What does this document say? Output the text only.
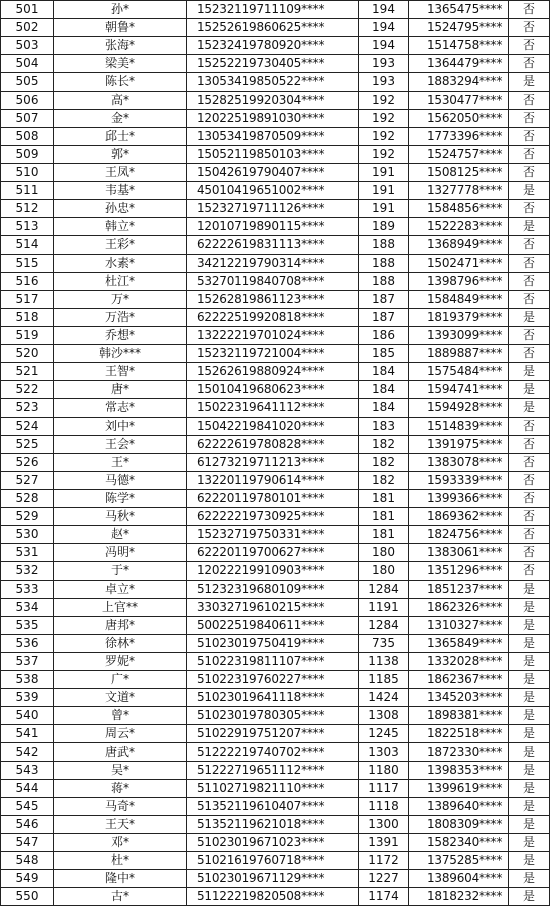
501	孙*	15232119711109****	194	1365475****	否
502	朝鲁*	15252619860625****	194	1524795****	否
503	张海*	15232419780920****	194	1514758****	否
504	梁美*	15252219730405****	193	1364479****	否
505	陈长*	13053419850522****	193	1883294****	是
506	高*	15282519920304****	192	1530477****	否
507	金*	12022519891030****	192	1562050****	否
508	邱士*	13053419870509****	192	1773396****	否
509	郭*	15052119850103****	192	1524757****	否
510	王凤*	15042619790407****	191	1508125****	否
511	韦基*	45010419651002****	191	1327778****	是
512	孙忠*	15232719711126****	191	1584856****	否
513	韩立*	12010719890115****	189	1522283****	是
514	王彩*	62222619831113****	188	1368949****	否
515	水素*	34212219790314****	188	1502471****	否
516	杜江*	53270119840708****	188	1398796****	否
517	万*	15262819861123****	187	1584849****	否
518	万浩*	62222519920818****	187	1819379****	是
519	乔想*	13222219701024****	186	1393099****	否
520	韩沙***	15232119721004****	185	1889887****	否
521	王智*	15262619880924****	184	1575484****	是
522	唐*	15010419680623****	184	1594741****	是
523	常志*	15022319641112****	184	1594928****	是
524	刘中*	15042219841020****	183	1514839****	否
525	王会*	62222619780828****	182	1391975****	否
526	王*	61273219711213****	182	1383078****	否
527	马德*	13220119790614****	182	1593339****	否
528	陈学*	62220119780101****	181	1399366****	否
529	马秋*	62222219730925****	181	1869362****	否
530	赵*	15232719750331****	181	1824756****	否
531	冯明*	62220119700627****	180	1383061****	否
532	于*	12022219910903****	180	1351296****	否
533	卓立*	51232319680109****	1284	1851237****	是
534	上官**	33032719610215****	1191	1862326****	是
535	唐邦*	50022519840611****	1284	1310327****	是
536	徐林*	51023019750419****	735	1365849****	是
537	罗妮*	51022319811107****	1138	1332028****	是
538	广*	51022319760227****	1185	1862367****	是
539	文道*	51023019641118****	1424	1345203****	是
540	曾*	51023019780305****	1308	1898381****	是
541	周云*	51022919751207****	1245	1822518****	是
542	唐武*	51222219740702****	1303	1872330****	是
543	吴*	51222719651112****	1180	1398353****	是
544	蒋*	51102719821110****	1117	1399619****	是
545	马奇*	51352119610407****	1118	1389640****	是
546	王天*	51352119621018****	1300	1808309****	是
547	邓*	51023019671023****	1391	1582340****	是
548	杜*	51021619760718****	1172	1375285****	是
549	隆中*	51023019671129****	1227	1389604****	是
550	古*	51122219820508****	1174	1818232****	是
